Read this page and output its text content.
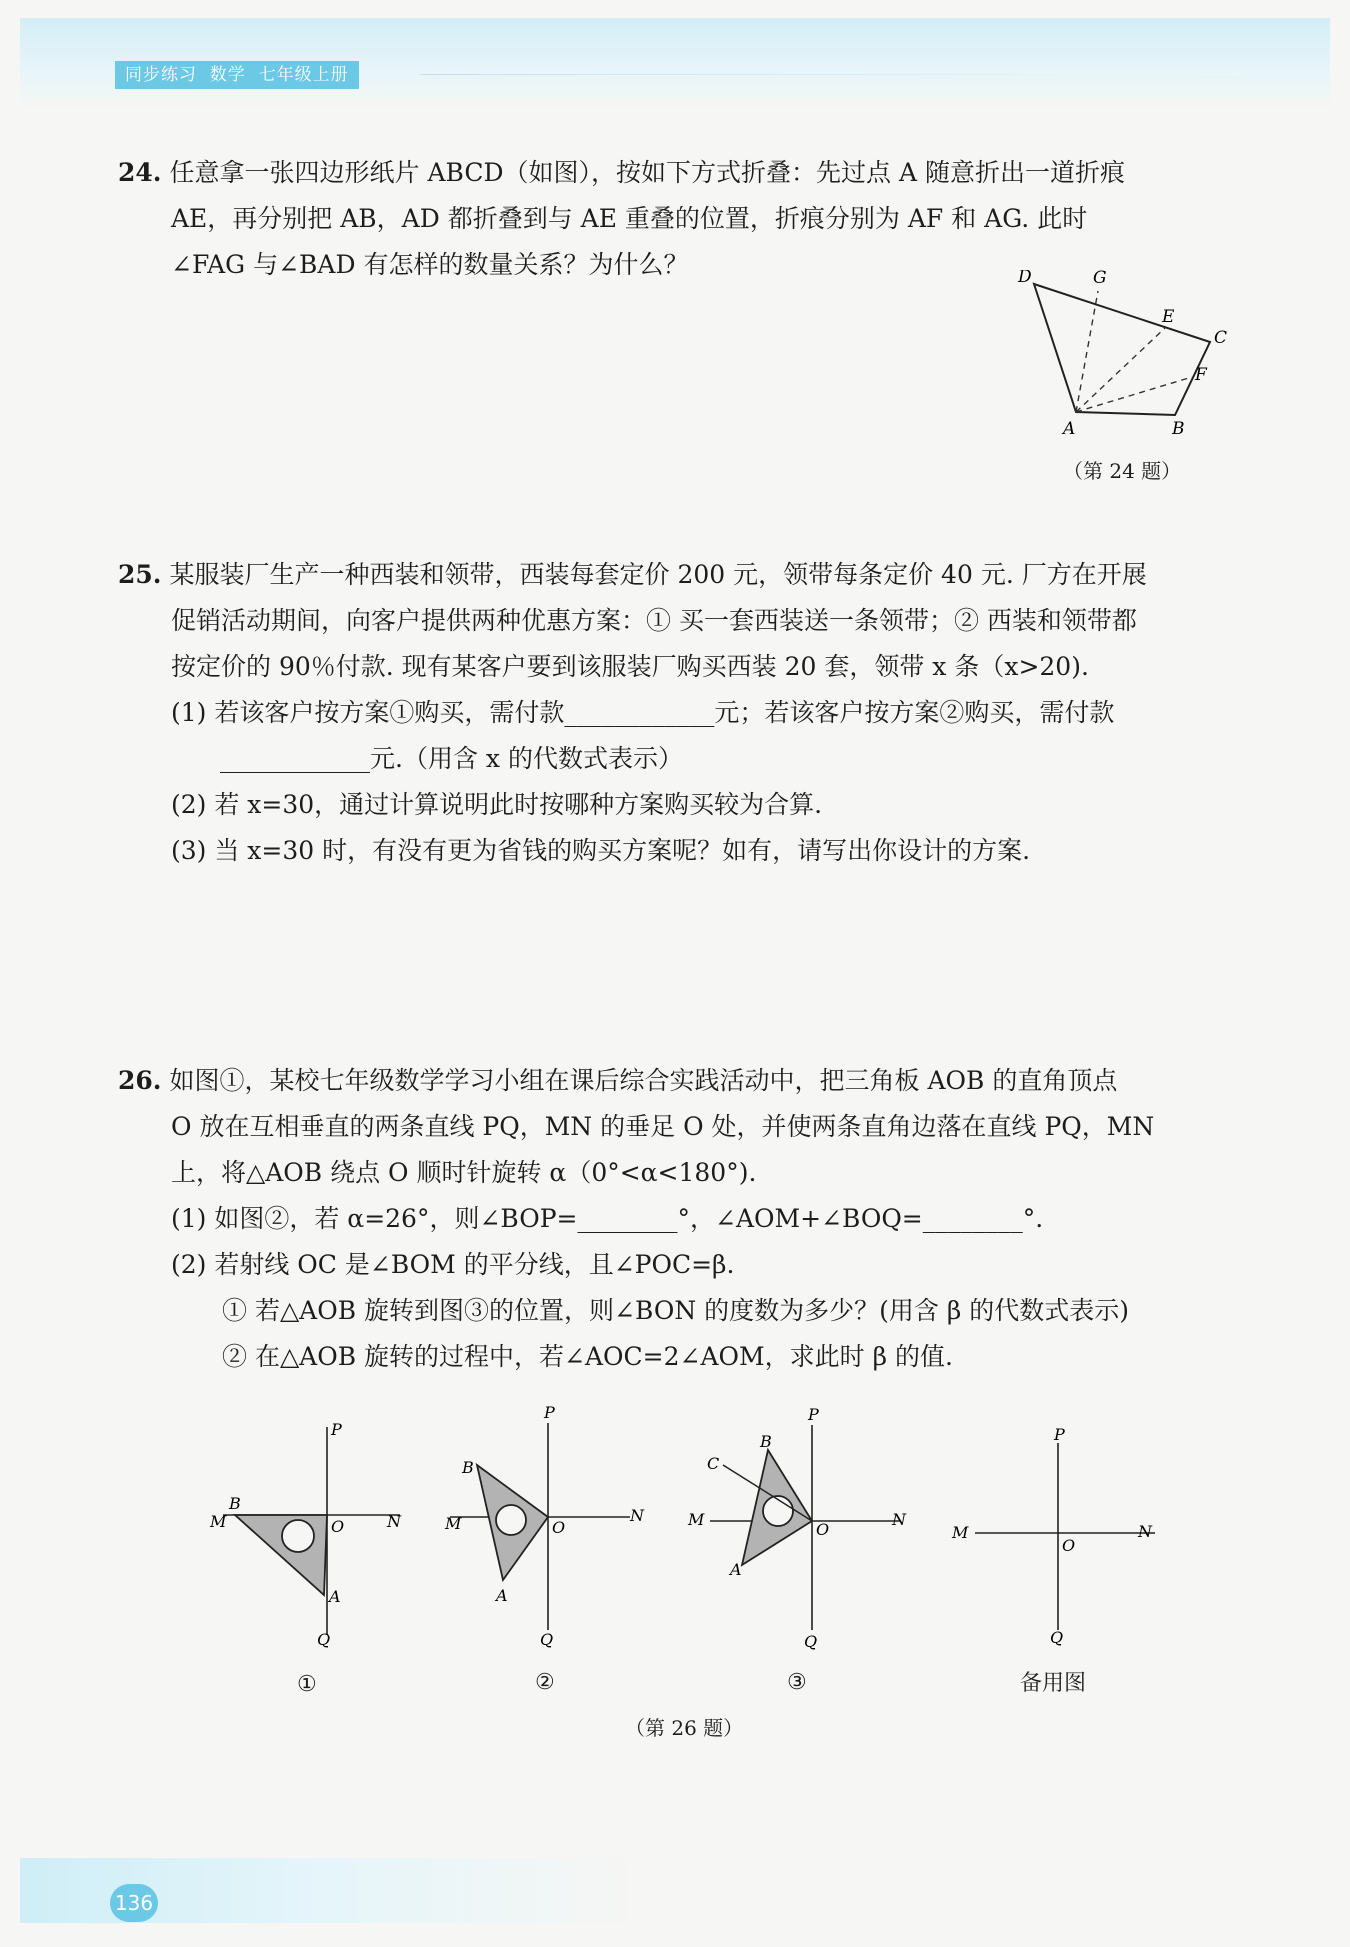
同步练习  数学  七年级上册
24. 任意拿一张四边形纸片 ABCD（如图），按如下方式折叠：先过点 A 随意折出一道折痕
AE，再分别把 AB，AD 都折叠到与 AE 重叠的位置，折痕分别为 AF 和 AG. 此时
∠FAG 与∠BAD 有怎样的数量关系？为什么？	D	G
E
C
F
A	B
（第 24 题）
25. 某服装厂生产一种西装和领带，西装每套定价 200 元，领带每条定价 40 元. 厂方在开展
促销活动期间，向客户提供两种优惠方案：① 买一套西装送一条领带；② 西装和领带都
按定价的 90％付款. 现有某客户要到该服装厂购买西装 20 套，领带 x 条（x>20).
(1) 若该客户按方案①购买，需付款____________元；若该客户按方案②购买，需付款
____________元.（用含 x 的代数式表示）
(2) 若 x=30，通过计算说明此时按哪种方案购买较为合算.
(3) 当 x=30 时，有没有更为省钱的购买方案呢？如有，请写出你设计的方案.
26. 如图①，某校七年级数学学习小组在课后综合实践活动中，把三角板 AOB 的直角顶点
O 放在互相垂直的两条直线 PQ，MN 的垂足 O 处，并使两条直角边落在直线 PQ，MN
上，将△AOB 绕点 O 顺时针旋转 α（0°<α<180°).
(1) 如图②，若 α=26°，则∠BOP=________°，∠AOM+∠BOQ=________°.
(2) 若射线 OC 是∠BOM 的平分线，且∠POC=β.
① 若△AOB 旋转到图③的位置，则∠BON 的度数为多少？(用含 β 的代数式表示)
② 在△AOB 旋转的过程中，若∠AOC=2∠AOM，求此时 β 的值.
P
M	N
O
B
A
Q
①
P
B
M	O
N
A
Q
②
B
P
C
M
O
N
A
Q
③
P
M	N
O
Q
备用图
（第 26 题）
136
